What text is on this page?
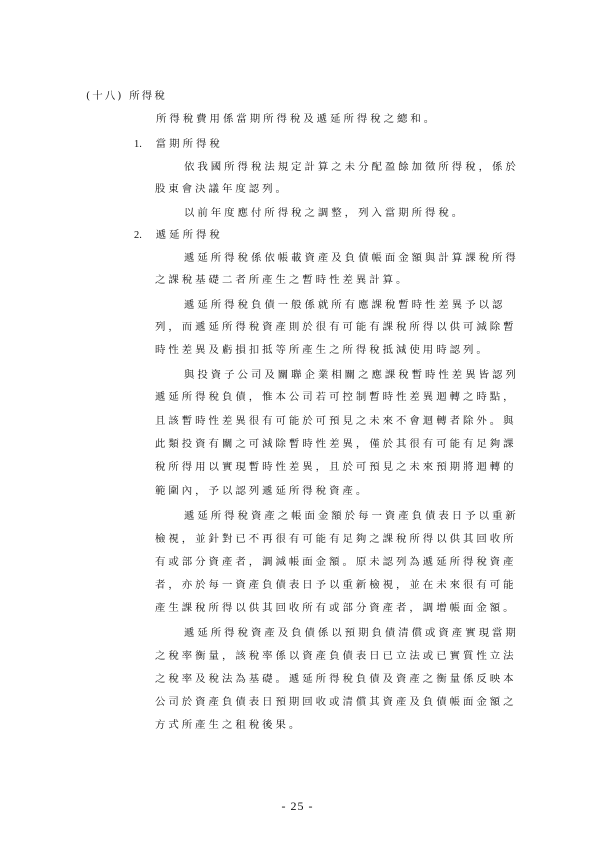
(十八) 所得稅
所得稅費用係當期所得稅及遞延所得稅之總和。
1. 當期所得稅
依我國所得稅法規定計算之未分配盈餘加徵所得稅，係於
股東會決議年度認列。
以前年度應付所得稅之調整，列入當期所得稅。
2. 遞延所得稅
遞延所得稅係依帳載資產及負債帳面金額與計算課稅所得
之課稅基礎二者所產生之暫時性差異計算。
遞延所得稅負債一般係就所有應課稅暫時性差異予以認
列，而遞延所得稅資產則於很有可能有課稅所得以供可減除暫
時性差異及虧損扣抵等所產生之所得稅抵減使用時認列。
與投資子公司及關聯企業相關之應課稅暫時性差異皆認列
遞延所得稅負債，惟本公司若可控制暫時性差異迴轉之時點，
且該暫時性差異很有可能於可預見之未來不會迴轉者除外。與
此類投資有關之可減除暫時性差異，僅於其很有可能有足夠課
稅所得用以實現暫時性差異，且於可預見之未來預期將迴轉的
範圍內，予以認列遞延所得稅資產。
遞延所得稅資產之帳面金額於每一資產負債表日予以重新
檢視，並針對已不再很有可能有足夠之課稅所得以供其回收所
有或部分資產者，調減帳面金額。原未認列為遞延所得稅資產
者，亦於每一資產負債表日予以重新檢視，並在未來很有可能
產生課稅所得以供其回收所有或部分資產者，調增帳面金額。
遞延所得稅資產及負債係以預期負債清償或資產實現當期
之稅率衡量，該稅率係以資產負債表日已立法或已實質性立法
之稅率及稅法為基礎。遞延所得稅負債及資產之衡量係反映本
公司於資產負債表日預期回收或清償其資產及負債帳面金額之
方式所產生之租稅後果。
- 25 -
